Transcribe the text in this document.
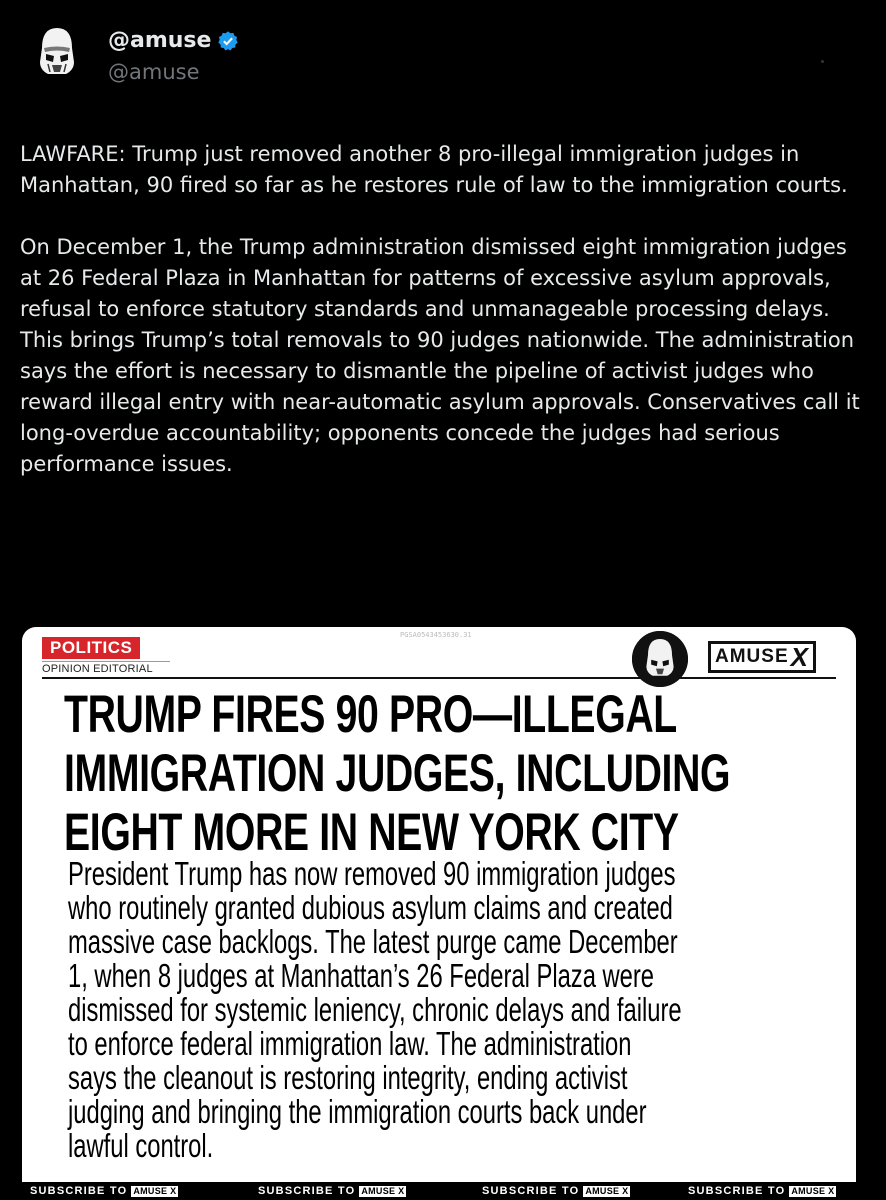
@amuse
@amuse

LAWFARE: Trump just removed another 8 pro-illegal immigration judges in Manhattan, 90 fired so far as he restores rule of law to the immigration courts.

On December 1, the Trump administration dismissed eight immigration judges at 26 Federal Plaza in Manhattan for patterns of excessive asylum approvals, refusal to enforce statutory standards and unmanageable processing delays. This brings Trump’s total removals to 90 judges nationwide. The administration says the effort is necessary to dismantle the pipeline of activist judges who reward illegal entry with near-automatic asylum approvals. Conservatives call it long-overdue accountability; opponents concede the judges had serious performance issues.

POLITICS
OPINION EDITORIAL
PGSA0543453630.31
AMUSE X
TRUMP FIRES 90 PRO—ILLEGAL
IMMIGRATION JUDGES, INCLUDING
EIGHT MORE IN NEW YORK CITY
President Trump has now removed 90 immigration judges
who routinely granted dubious asylum claims and created
massive case backlogs. The latest purge came December
1, when 8 judges at Manhattan’s 26 Federal Plaza were
dismissed for systemic leniency, chronic delays and failure
to enforce federal immigration law. The administration
says the cleanout is restoring integrity, ending activist
judging and bringing the immigration courts back under
lawful control.
SUBSCRIBE TO AMUSE X	SUBSCRIBE TO AMUSE X	SUBSCRIBE TO AMUSE X	SUBSCRIBE TO AMUSE X
